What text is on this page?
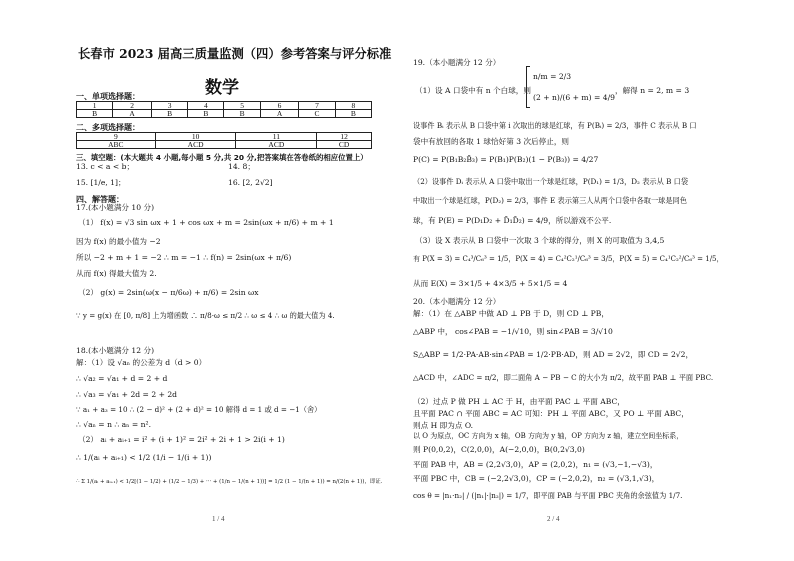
长春市 2023 届高三质量监测（四）参考答案与评分标准
数学
一、单项选择题：
1	2	3	4	5	6	7	8
B	A	B	B	B	A	C	B
二、多项选择题：
9	10	11	12
ABC	ACD	ACD	CD
三、填空题：(本大题共 4 小题,每小题 5 分,共 20 分,把答案填在答卷纸的相应位置上）
13. c < a < b；	14. 8；
15. [1/e, 1]；	16. [2, 2√2]
四、解答题：
17.(本小题满分 10 分)
（1） f(x) = √3 sin ωx + 1 + cos ωx + m = 2sin(ωx + π/6) + m + 1
因为 f(x) 的最小值为 −2
所以 −2 + m + 1 = −2 ∴ m = −1 ∴ f(n) = 2sin(ωx + π/6)
从而 f(x) 得最大值为 2.
（2） g(x) = 2sin(ω(x − π/6ω) + π/6) = 2sin ωx
∵ y = g(x) 在 [0, π/8] 上为增函数 ∴ π/8·ω ≤ π/2 ∴ ω ≤ 4 ∴ ω 的最大值为 4.
18.(本小题满分 12 分)
解：（1）设 √aₙ 的公差为 d（d > 0）
∴ √a₂ = √a₁ + d = 2 + d
∴ √a₃ = √a₁ + 2d = 2 + 2d
∵ a₁ + a₃ = 10 ∴ (2 − d)² + (2 + d)² = 10 解得 d = 1 或 d = −1（舍）
∴ √aₙ = n ∴ aₙ = n².
（2） aᵢ + aᵢ₊₁ = i² + (i + 1)² = 2i² + 2i + 1 > 2i(i + 1)
∴ 1/(aᵢ + aᵢ₊₁) < 1/2 (1/i − 1/(i + 1))
∴ Σ 1/(aᵢ + aᵢ₊₁) < 1/2[(1 − 1/2) + (1/2 − 1/3) + ··· + (1/n − 1/(n + 1))] = 1/2 (1 − 1/(n + 1)) = n/(2(n + 1))，即证.
1 / 4
19.（本小题满分 12 分）
（1）设 A 口袋中有 n 个白球，则
n/m = 2/3
(2 + n)/(6 + m) = 4/9
，解得 n = 2, m = 3
设事件 Bᵢ 表示从 B 口袋中第 i 次取出的球是红球，有 P(Bᵢ) = 2/3，事件 C 表示从 B 口
袋中有放回的各取 1 球恰好第 3 次后停止，则
P(C) = P(B₁B₂B̄₃) = P(B₁)P(B₂)(1 − P(B₃)) = 4/27
（2）设事件 Dᵢ 表示从 A 口袋中取出一个球是红球，P(D₁) = 1/3，D₂ 表示从 B 口袋
中取出一个球是红球，P(D₂) = 2/3，事件 E 表示第三人从两个口袋中各取一球是同色
球，有 P(E) = P(D₁D₂ + D̄₁D̄₂) = 4/9，所以游戏不公平.
（3）设 X 表示从 B 口袋中一次取 3 个球的得分，则 X 的可取值为 3,4,5
有 P(X = 3) = C₄³/C₆³ = 1/5，P(X = 4) = C₄²C₂¹/C₆³ = 3/5，P(X = 5) = C₄¹C₂²/C₆³ = 1/5，
从而 E(X) = 3×1/5 + 4×3/5 + 5×1/5 = 4
20.（本小题满分 12 分）
解：（1）在 △ABP 中做 AD ⊥ PB 于 D，则 CD ⊥ PB，
△ABP 中， cos∠PAB = −1/√10，则 sin∠PAB = 3/√10
S△ABP = 1/2·PA·AB·sin∠PAB = 1/2·PB·AD，则 AD = 2√2，即 CD = 2√2，
△ACD 中，∠ADC = π/2，即二面角 A − PB − C 的大小为 π/2，故平面 PAB ⊥ 平面 PBC.
（2）过点 P 做 PH ⊥ AC 于 H，由平面 PAC ⊥ 平面 ABC，
且平面 PAC ∩ 平面 ABC = AC 可知：PH ⊥ 平面 ABC，又 PO ⊥ 平面 ABC，
则点 H 即为点 O.
以 O 为原点，OC 方向为 x 轴，OB 方向为 y 轴，OP 方向为 z 轴，建立空间坐标系，
则 P(0,0,2)，C(2,0,0)，A(−2,0,0)，B(0,2√3,0)
平面 PAB 中，AB = (2,2√3,0)，AP = (2,0,2)，n₁ = (√3,−1,−√3)，
平面 PBC 中，CB = (−2,2√3,0)，CP = (−2,0,2)，n₂ = (√3,1,√3)，
cos θ = |n₁·n₂| / (|n₁|·|n₂|) = 1/7，即平面 PAB 与平面 PBC 夹角的余弦值为 1/7.
2 / 4
